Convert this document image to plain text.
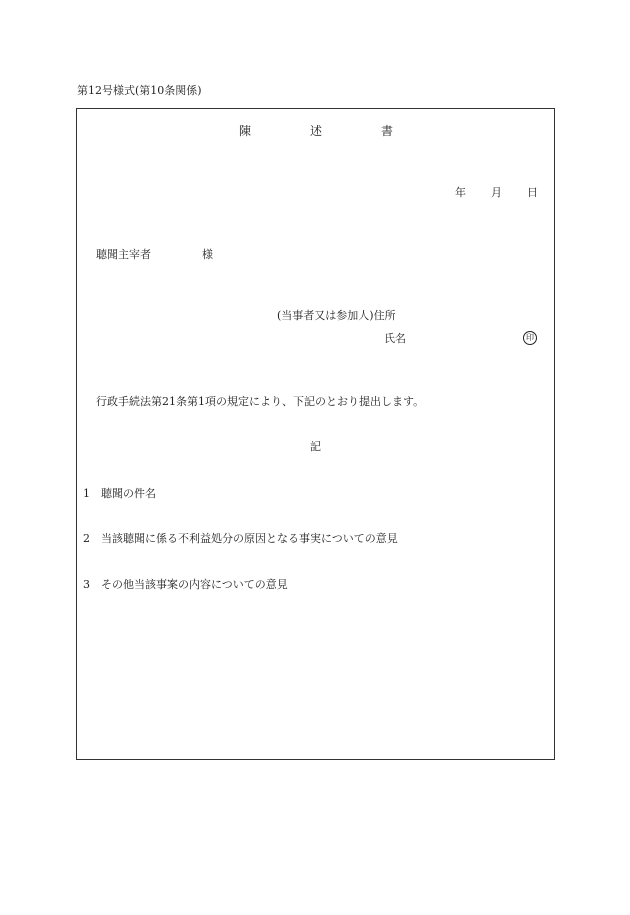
第12号様式(第10条関係)
陳	述	書
年 月 日
聴聞主宰者	様
(当事者又は参加人)住所
氏名	印
行政手続法第21条第1項の規定により、下記のとおり提出します。
記
1 聴聞の件名
2 当該聴聞に係る不利益処分の原因となる事実についての意見
3 その他当該事案の内容についての意見
